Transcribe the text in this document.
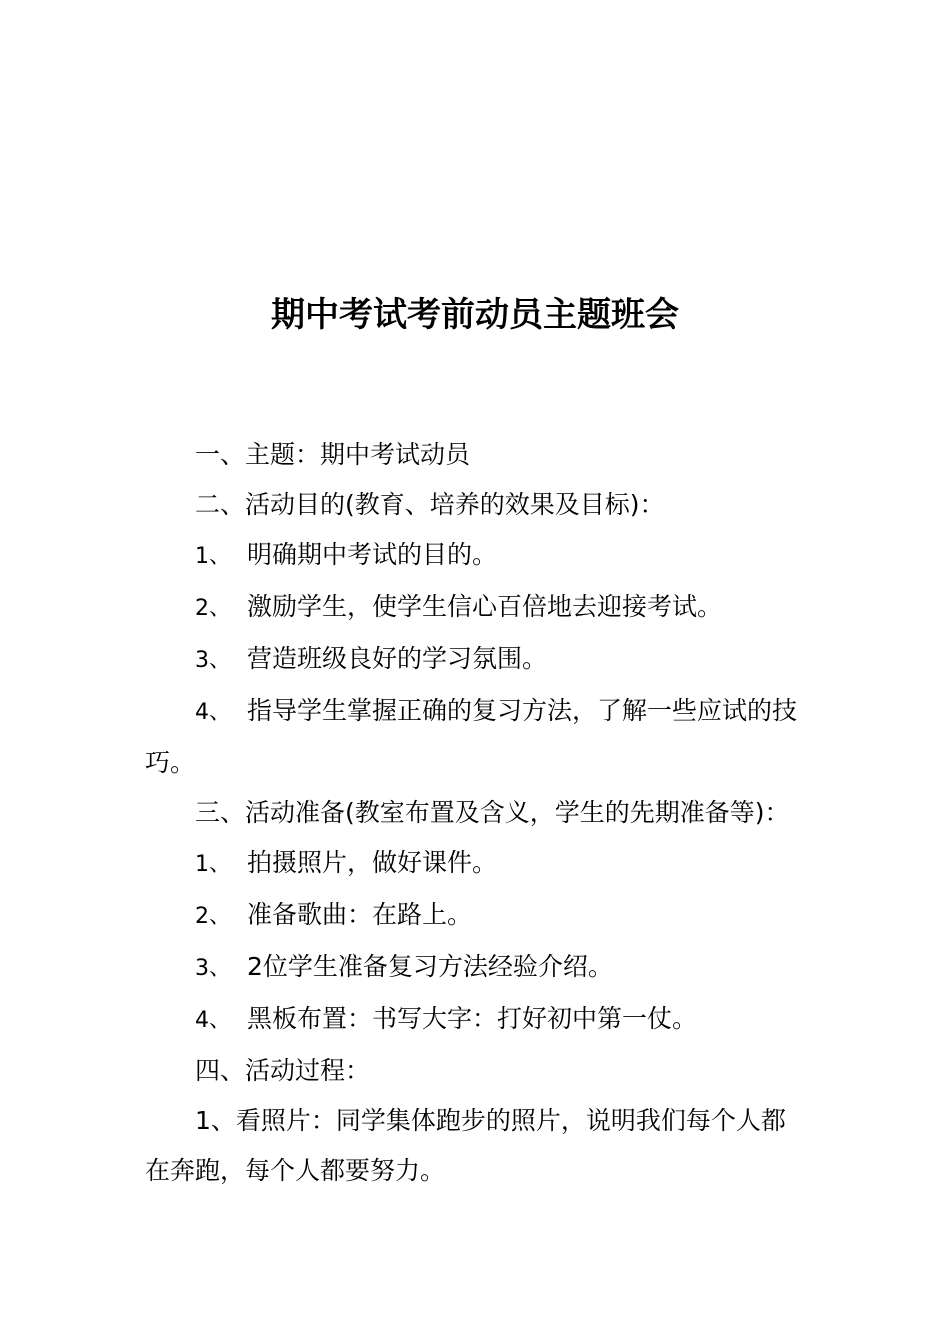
期中考试考前动员主题班会

一、主题：期中考试动员

二、活动目的(教育、培养的效果及目标)：

1、 明确期中考试的目的。

2、 激励学生，使学生信心百倍地去迎接考试。

3、 营造班级良好的学习氛围。

4、 指导学生掌握正确的复习方法，了解一些应试的技巧。

三、活动准备(教室布置及含义，学生的先期准备等)：

1、 拍摄照片，做好课件。

2、 准备歌曲：在路上。

3、 2位学生准备复习方法经验介绍。

4、 黑板布置：书写大字：打好初中第一仗。

四、活动过程：

1、看照片：同学集体跑步的照片，说明我们每个人都在奔跑，每个人都要努力。
